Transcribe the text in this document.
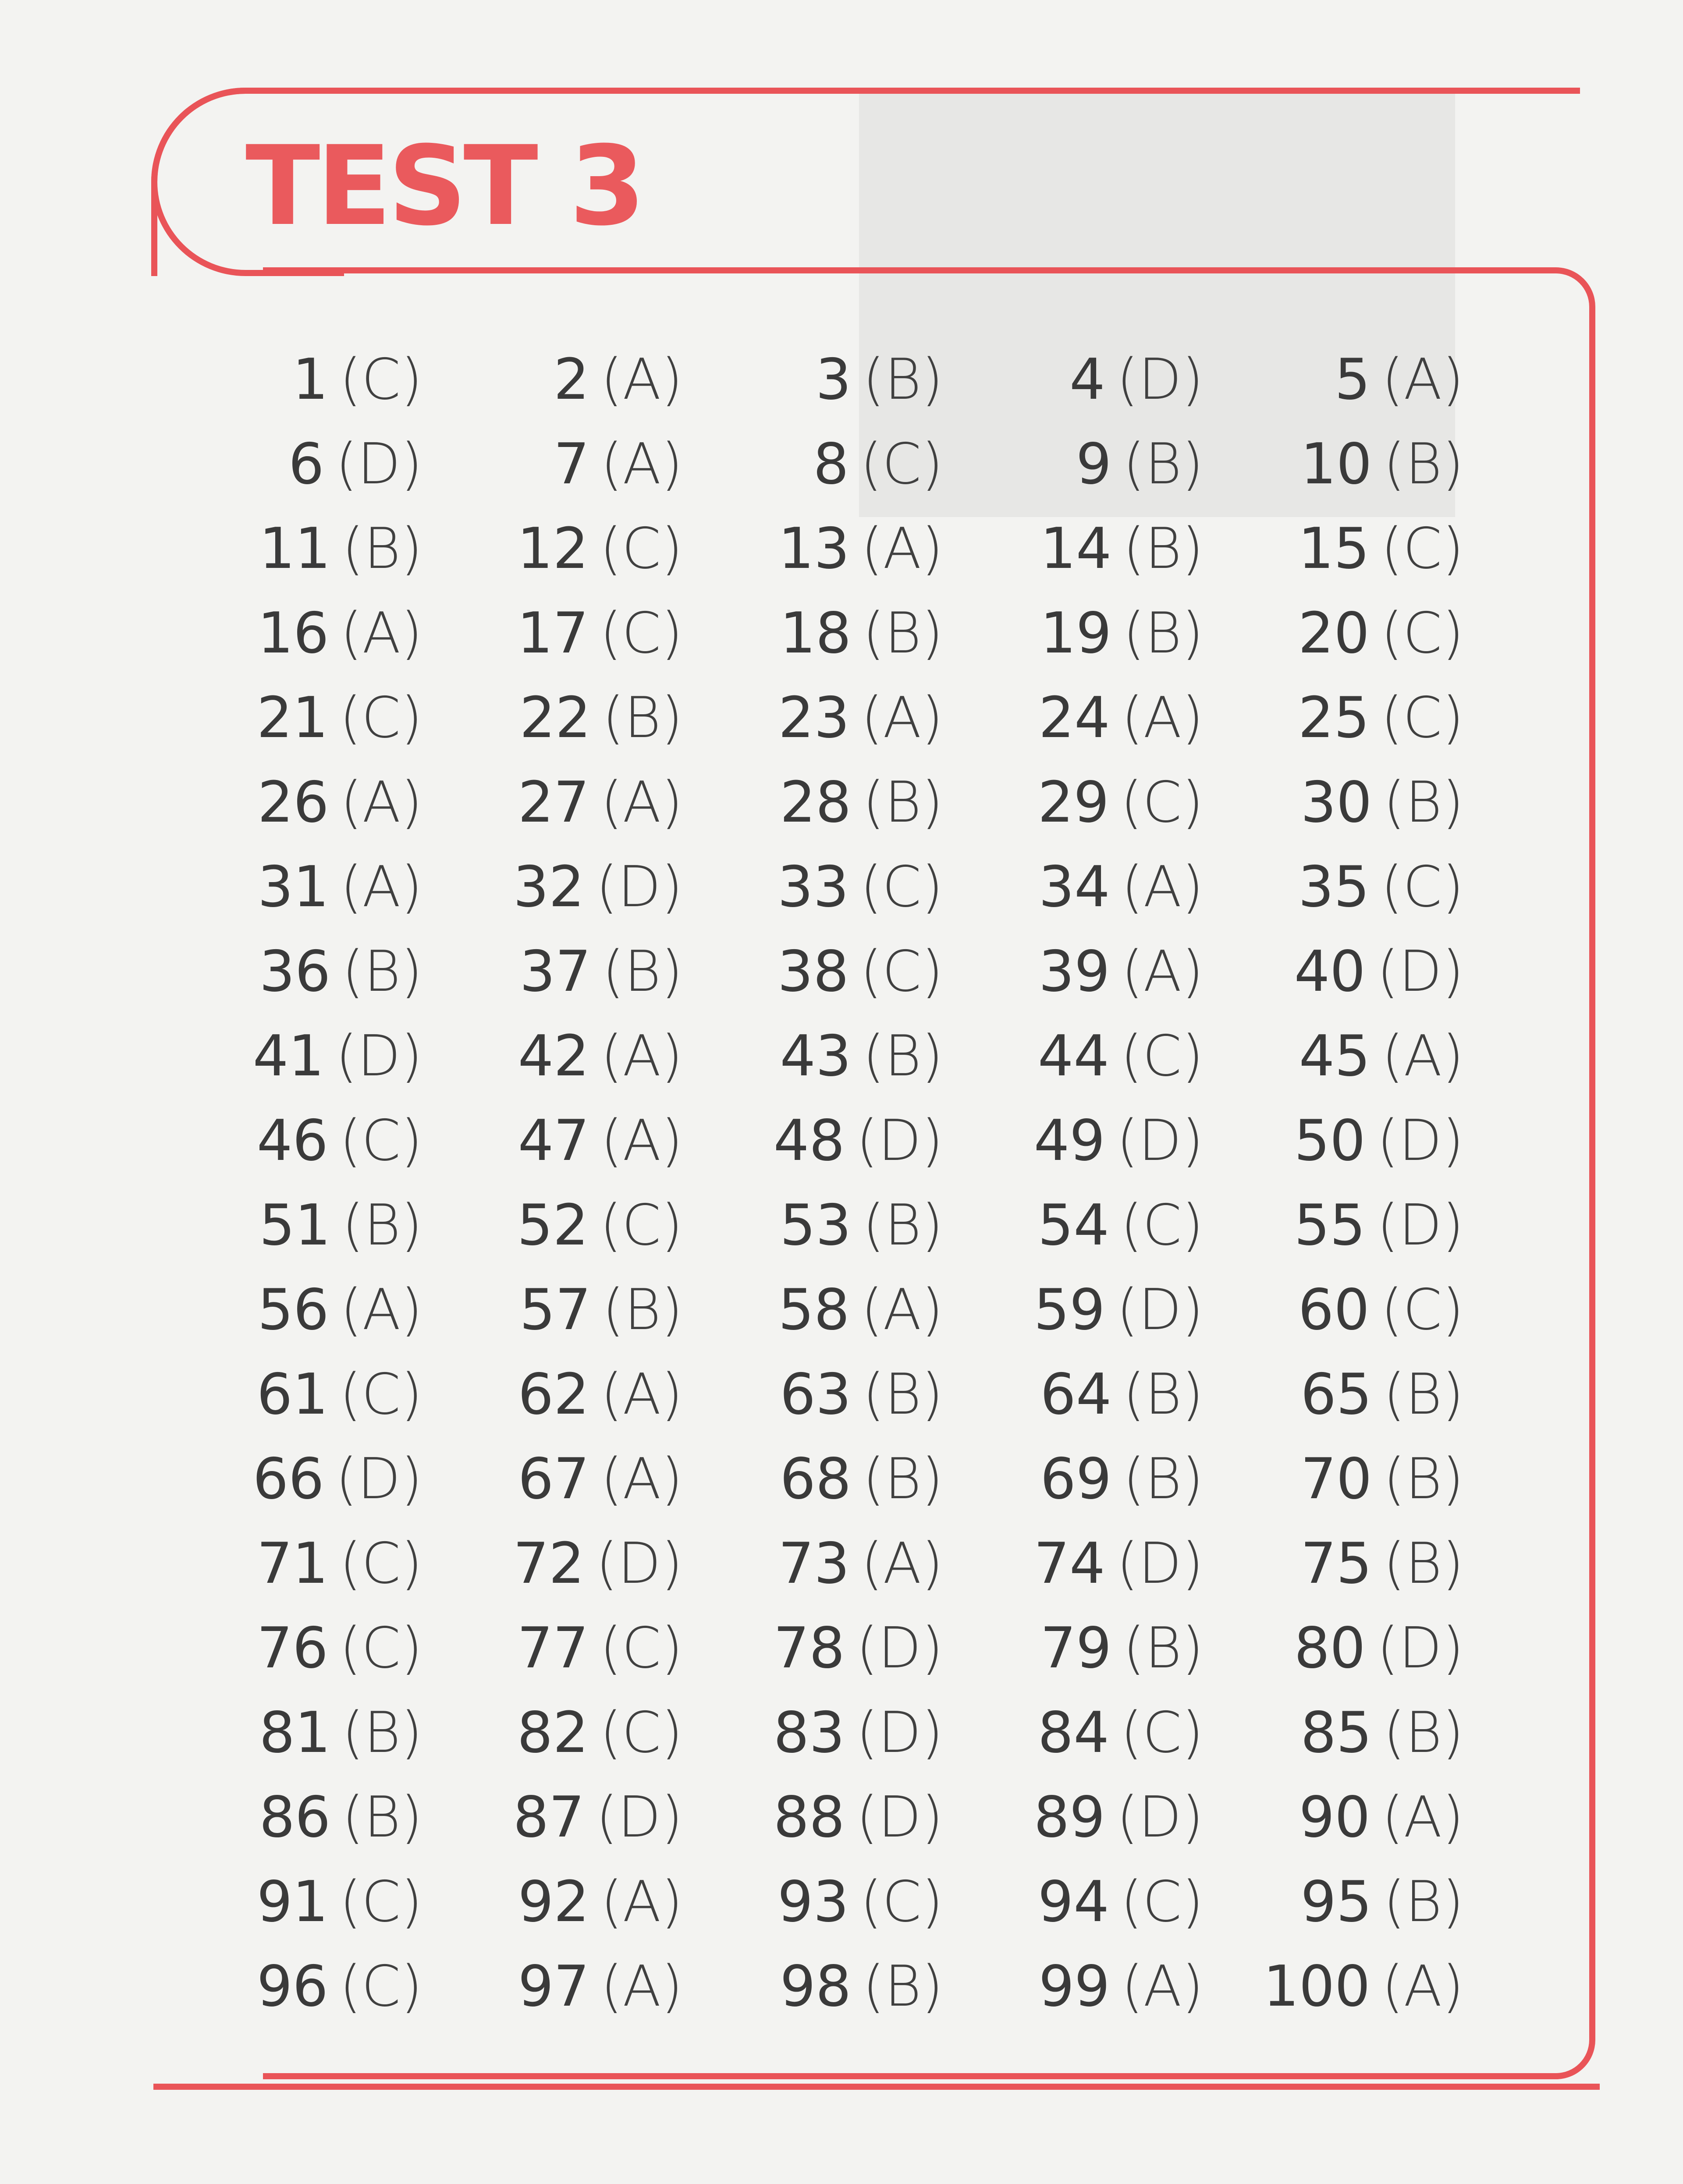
TEST 3
1 (C) 2 (A) 3 (B) 4 (D) 5 (A)
6 (D) 7 (A) 8 (C) 9 (B) 10 (B)
11 (B) 12 (C) 13 (A) 14 (B) 15 (C)
16 (A) 17 (C) 18 (B) 19 (B) 20 (C)
21 (C) 22 (B) 23 (A) 24 (A) 25 (C)
26 (A) 27 (A) 28 (B) 29 (C) 30 (B)
31 (A) 32 (D) 33 (C) 34 (A) 35 (C)
36 (B) 37 (B) 38 (C) 39 (A) 40 (D)
41 (D) 42 (A) 43 (B) 44 (C) 45 (A)
46 (C) 47 (A) 48 (D) 49 (D) 50 (D)
51 (B) 52 (C) 53 (B) 54 (C) 55 (D)
56 (A) 57 (B) 58 (A) 59 (D) 60 (C)
61 (C) 62 (A) 63 (B) 64 (B) 65 (B)
66 (D) 67 (A) 68 (B) 69 (B) 70 (B)
71 (C) 72 (D) 73 (A) 74 (D) 75 (B)
76 (C) 77 (C) 78 (D) 79 (B) 80 (D)
81 (B) 82 (C) 83 (D) 84 (C) 85 (B)
86 (B) 87 (D) 88 (D) 89 (D) 90 (A)
91 (C) 92 (A) 93 (C) 94 (C) 95 (B)
96 (C) 97 (A) 98 (B) 99 (A) 100 (A)
